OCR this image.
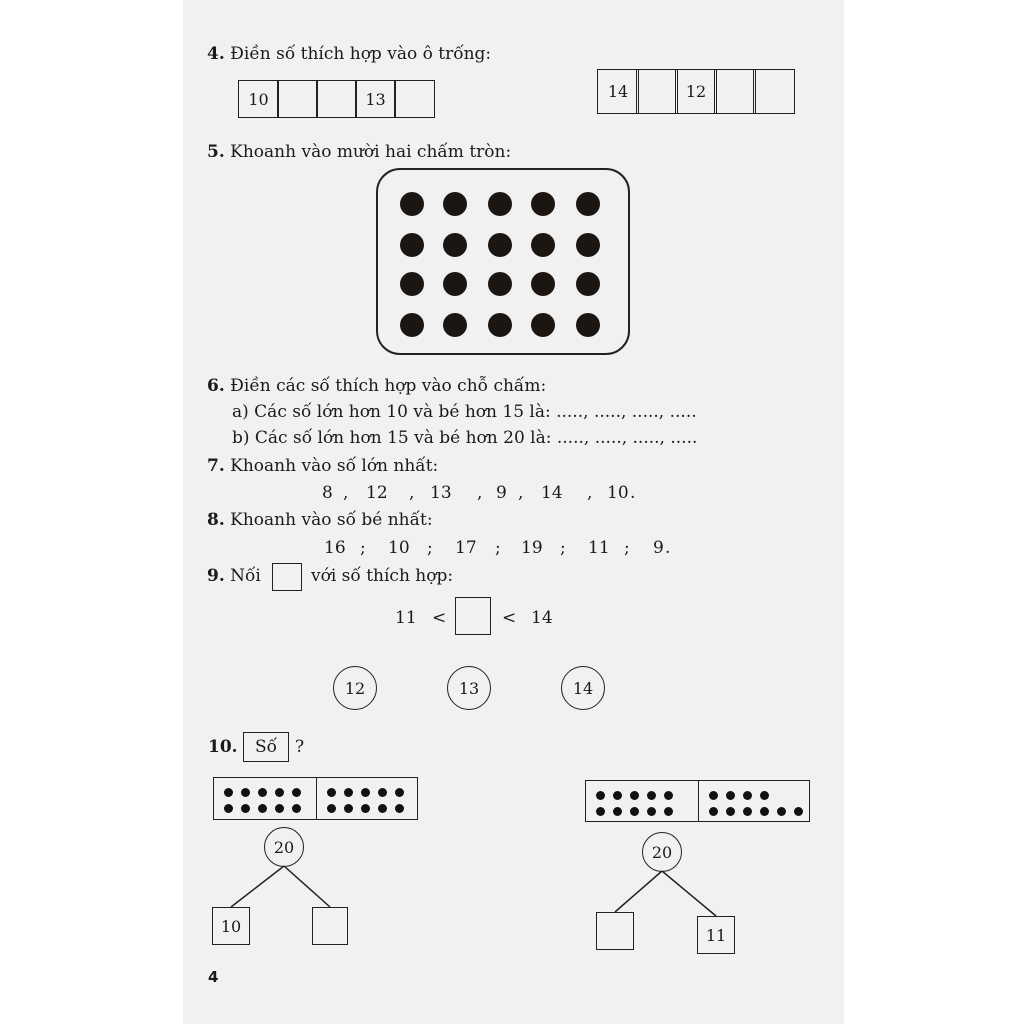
4. Điền số thích hợp vào ô trống:
10	13	14	12
5. Khoanh vào mười hai chấm tròn:
6. Điền các số thích hợp vào chỗ chấm:
a) Các số lớn hơn 10 và bé hơn 15 là: ....., ....., ....., .....
b) Các số lớn hơn 15 và bé hơn 20 là: ....., ....., ....., .....
7. Khoanh vào số lớn nhất:
8 12 13	9 14	10
,	,	, ,	, .
8. Khoanh vào số bé nhất:
16 10	17	19	11	9
;	;	;	;	; .
9. Nối	với số thích hợp:
11 <	< 14
12	13	14
10.	Số	?
20
10
20
11
4
